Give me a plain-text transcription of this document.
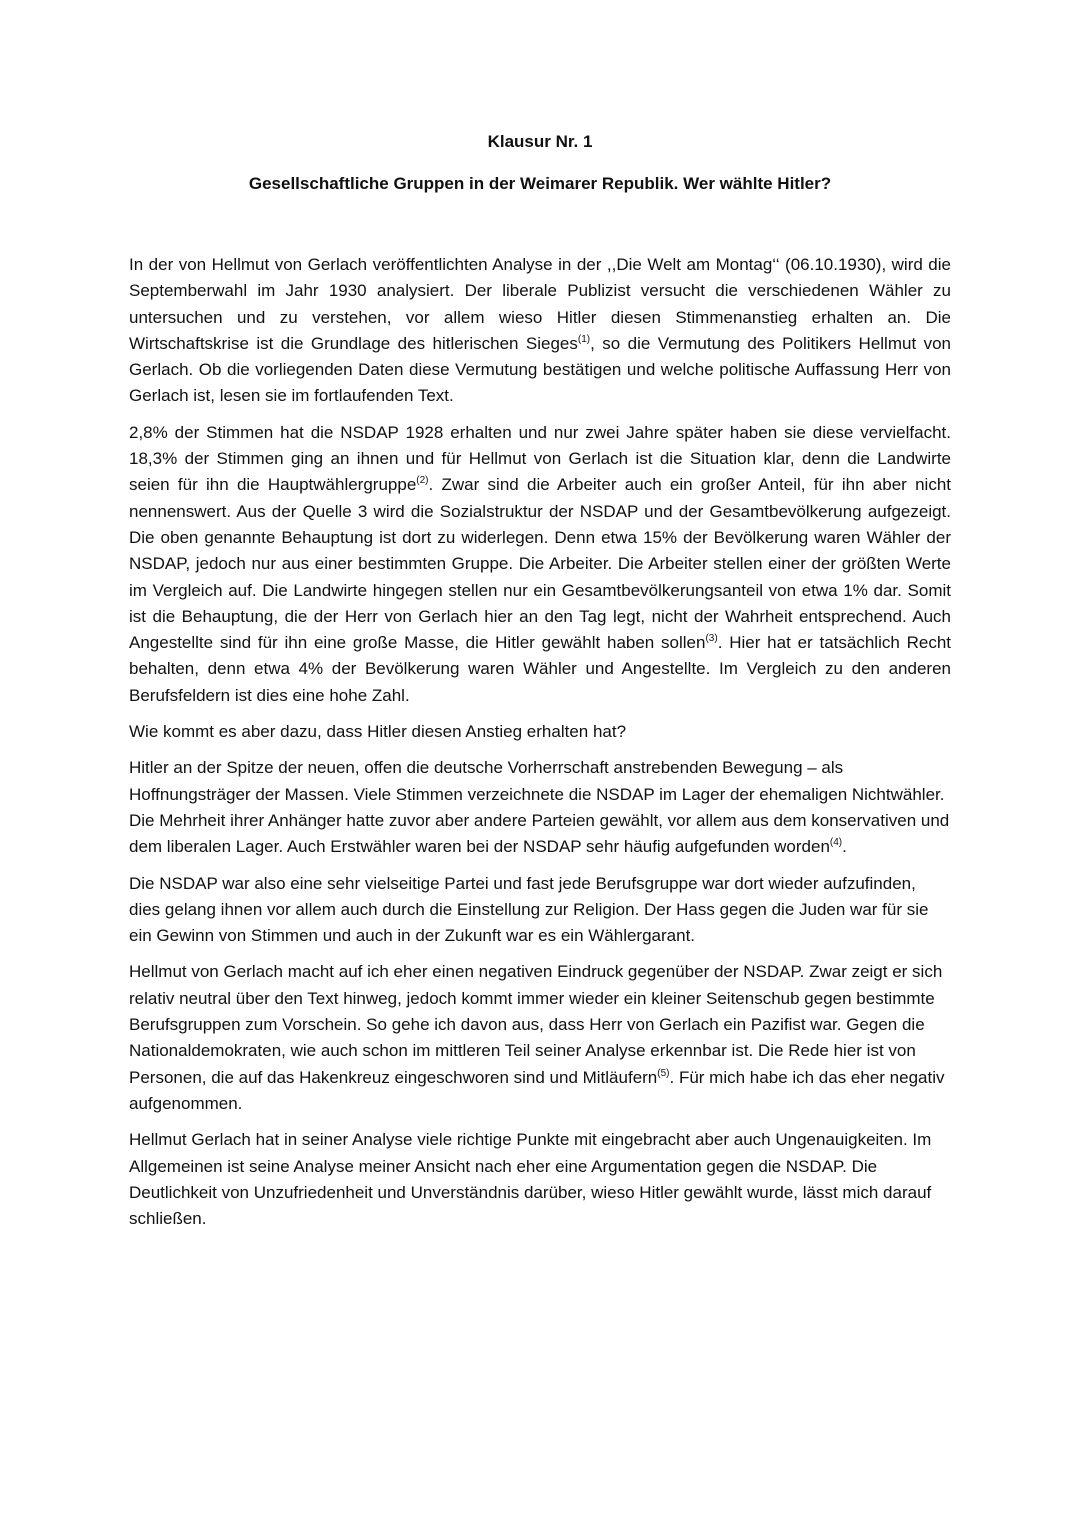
Klausur Nr. 1
Gesellschaftliche Gruppen in der Weimarer Republik. Wer wählte Hitler?

In der von Hellmut von Gerlach veröffentlichten Analyse in der ,,Die Welt am Montag‘‘ (06.10.1930), wird die Septemberwahl im Jahr 1930 analysiert. Der liberale Publizist versucht die verschiedenen Wähler zu untersuchen und zu verstehen, vor allem wieso Hitler diesen Stimmenanstieg erhalten an. Die Wirtschaftskrise ist die Grundlage des hitlerischen Sieges$^{(1)}$, so die Vermutung des Politikers Hellmut von Gerlach. Ob die vorliegenden Daten diese Vermutung bestätigen und welche politische Auffassung Herr von Gerlach ist, lesen sie im fortlaufenden Text.

2,8% der Stimmen hat die NSDAP 1928 erhalten und nur zwei Jahre später haben sie diese vervielfacht. 18,3% der Stimmen ging an ihnen und für Hellmut von Gerlach ist die Situation klar, denn die Landwirte seien für ihn die Hauptwählergruppe$^{(2)}$. Zwar sind die Arbeiter auch ein großer Anteil, für ihn aber nicht nennenswert. Aus der Quelle 3 wird die Sozialstruktur der NSDAP und der Gesamtbevölkerung aufgezeigt. Die oben genannte Behauptung ist dort zu widerlegen. Denn etwa 15% der Bevölkerung waren Wähler der NSDAP, jedoch nur aus einer bestimmten Gruppe. Die Arbeiter. Die Arbeiter stellen einer der größten Werte im Vergleich auf. Die Landwirte hingegen stellen nur ein Gesamtbevölkerungsanteil von etwa 1% dar. Somit ist die Behauptung, die der Herr von Gerlach hier an den Tag legt, nicht der Wahrheit entsprechend. Auch Angestellte sind für ihn eine große Masse, die Hitler gewählt haben sollen$^{(3)}$. Hier hat er tatsächlich Recht behalten, denn etwa 4% der Bevölkerung waren Wähler und Angestellte. Im Vergleich zu den anderen Berufsfeldern ist dies eine hohe Zahl.

Wie kommt es aber dazu, dass Hitler diesen Anstieg erhalten hat?

Hitler an der Spitze der neuen, offen die deutsche Vorherrschaft anstrebenden Bewegung – als Hoffnungsträger der Massen. Viele Stimmen verzeichnete die NSDAP im Lager der ehemaligen Nichtwähler. Die Mehrheit ihrer Anhänger hatte zuvor aber andere Parteien gewählt, vor allem aus dem konservativen und dem liberalen Lager. Auch Erstwähler waren bei der NSDAP sehr häufig aufgefunden worden$^{(4)}$.

Die NSDAP war also eine sehr vielseitige Partei und fast jede Berufsgruppe war dort wieder aufzufinden, dies gelang ihnen vor allem auch durch die Einstellung zur Religion. Der Hass gegen die Juden war für sie ein Gewinn von Stimmen und auch in der Zukunft war es ein Wählergarant.

Hellmut von Gerlach macht auf ich eher einen negativen Eindruck gegenüber der NSDAP. Zwar zeigt er sich relativ neutral über den Text hinweg, jedoch kommt immer wieder ein kleiner Seitenschub gegen bestimmte Berufsgruppen zum Vorschein. So gehe ich davon aus, dass Herr von Gerlach ein Pazifist war. Gegen die Nationaldemokraten, wie auch schon im mittleren Teil seiner Analyse erkennbar ist. Die Rede hier ist von Personen, die auf das Hakenkreuz eingeschworen sind und Mitläufern$^{(5)}$. Für mich habe ich das eher negativ aufgenommen.

Hellmut Gerlach hat in seiner Analyse viele richtige Punkte mit eingebracht aber auch Ungenauigkeiten. Im Allgemeinen ist seine Analyse meiner Ansicht nach eher eine Argumentation gegen die NSDAP. Die Deutlichkeit von Unzufriedenheit und Unverständnis darüber, wieso Hitler gewählt wurde, lässt mich darauf schließen.
